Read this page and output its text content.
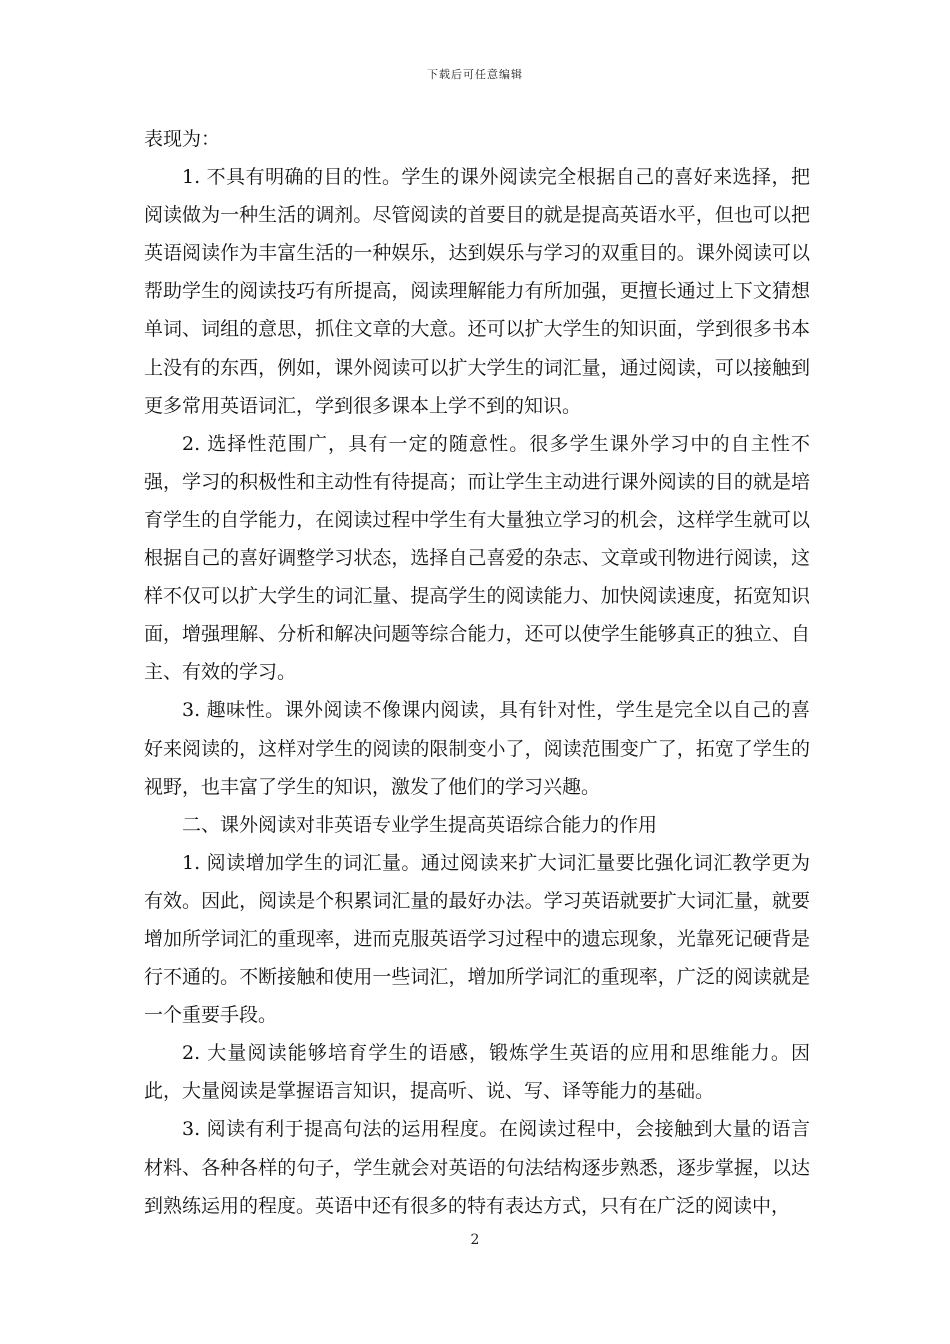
下载后可任意编辑

表现为：

1. 不具有明确的目的性。学生的课外阅读完全根据自己的喜好来选择，把阅读做为一种生活的调剂。尽管阅读的首要目的就是提高英语水平，但也可以把英语阅读作为丰富生活的一种娱乐，达到娱乐与学习的双重目的。课外阅读可以帮助学生的阅读技巧有所提高，阅读理解能力有所加强，更擅长通过上下文猜想单词、词组的意思，抓住文章的大意。还可以扩大学生的知识面，学到很多书本上没有的东西，例如，课外阅读可以扩大学生的词汇量，通过阅读，可以接触到更多常用英语词汇，学到很多课本上学不到的知识。

2. 选择性范围广，具有一定的随意性。很多学生课外学习中的自主性不强，学习的积极性和主动性有待提高；而让学生主动进行课外阅读的目的就是培育学生的自学能力，在阅读过程中学生有大量独立学习的机会，这样学生就可以根据自己的喜好调整学习状态，选择自己喜爱的杂志、文章或刊物进行阅读，这样不仅可以扩大学生的词汇量、提高学生的阅读能力、加快阅读速度，拓宽知识面，增强理解、分析和解决问题等综合能力，还可以使学生能够真正的独立、自主、有效的学习。

3. 趣味性。课外阅读不像课内阅读，具有针对性，学生是完全以自己的喜好来阅读的，这样对学生的阅读的限制变小了，阅读范围变广了，拓宽了学生的视野，也丰富了学生的知识，激发了他们的学习兴趣。

二、课外阅读对非英语专业学生提高英语综合能力的作用

1. 阅读增加学生的词汇量。通过阅读来扩大词汇量要比强化词汇教学更为有效。因此，阅读是个积累词汇量的最好办法。学习英语就要扩大词汇量，就要增加所学词汇的重现率，进而克服英语学习过程中的遗忘现象，光靠死记硬背是行不通的。不断接触和使用一些词汇，增加所学词汇的重现率，广泛的阅读就是一个重要手段。

2. 大量阅读能够培育学生的语感，锻炼学生英语的应用和思维能力。因此，大量阅读是掌握语言知识，提高听、说、写、译等能力的基础。

3. 阅读有利于提高句法的运用程度。在阅读过程中，会接触到大量的语言材料、各种各样的句子，学生就会对英语的句法结构逐步熟悉，逐步掌握，以达到熟练运用的程度。英语中还有很多的特有表达方式，只有在广泛的阅读中，

2
